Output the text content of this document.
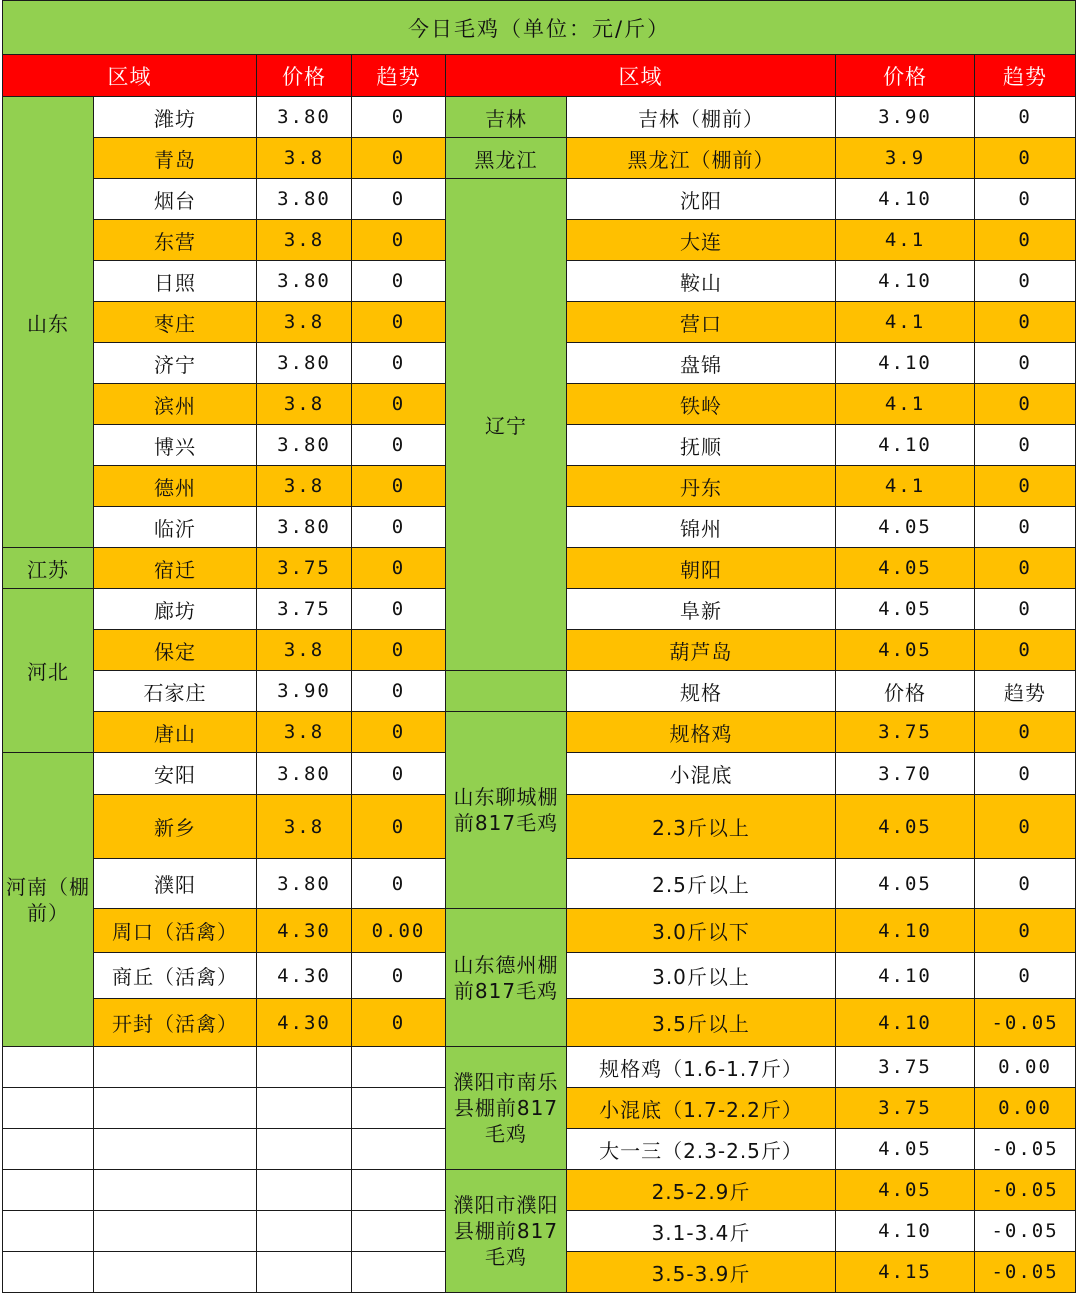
今日毛鸡（单位：元/斤）							
区域		价格	趋势	区域		价格	趋势
山东	潍坊	3.80	0	吉林	吉林（棚前）	3.90	0
	青岛	3.8	0	黑龙江	黑龙江（棚前）	3.9	0
	烟台	3.80	0	辽宁	沈阳	4.10	0
	东营	3.8	0		大连	4.1	0
	日照	3.80	0		鞍山	4.10	0
	枣庄	3.8	0		营口	4.1	0
	济宁	3.80	0		盘锦	4.10	0
	滨州	3.8	0		铁岭	4.1	0
	博兴	3.80	0		抚顺	4.10	0
	德州	3.8	0		丹东	4.1	0
	临沂	3.80	0		锦州	4.05	0
江苏	宿迁	3.75	0		朝阳	4.05	0
河北	廊坊	3.75	0		阜新	4.05	0
	保定	3.8	0		葫芦岛	4.05	0
	石家庄	3.90	0		规格	价格	趋势
	唐山	3.8	0	山东聊城棚前817毛鸡	规格鸡	3.75	0
河南（棚前）	安阳	3.80	0		小混底	3.70	0
	新乡	3.8	0		2.3斤以上	4.05	0
	濮阳	3.80	0		2.5斤以上	4.05	0
	周口（活禽）	4.30	0.00	山东德州棚前817毛鸡	3.0斤以下	4.10	0
	商丘（活禽）	4.30	0		3.0斤以上	4.10	0
	开封（活禽）	4.30	0		3.5斤以上	4.10	-0.05
				濮阳市南乐县棚前817毛鸡	规格鸡（1.6-1.7斤）	3.75	0.00
					小混底（1.7-2.2斤）	3.75	0.00
					大一三（2.3-2.5斤）	4.05	-0.05
				濮阳市濮阳县棚前817毛鸡	2.5-2.9斤	4.05	-0.05
					3.1-3.4斤	4.10	-0.05
					3.5-3.9斤	4.15	-0.05
